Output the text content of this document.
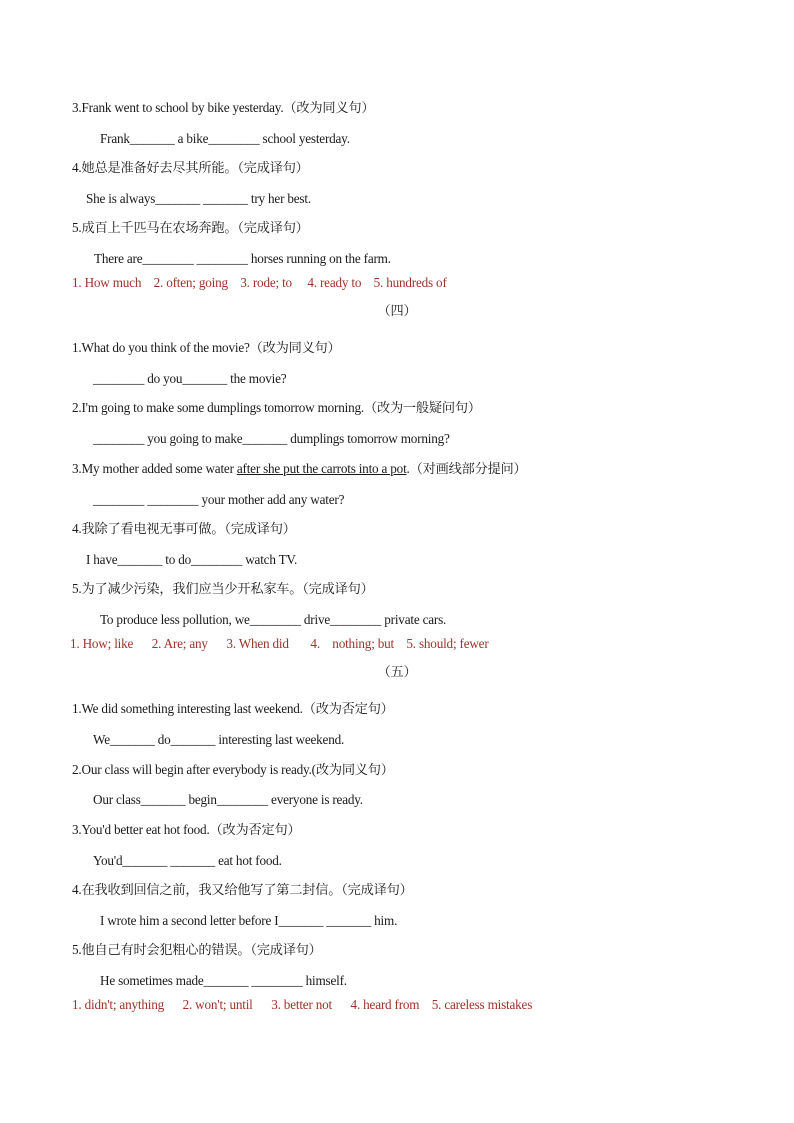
3.Frank went to school by bike yesterday.（改为同义句）
Frank_______ a bike________ school yesterday.
4.她总是准备好去尽其所能。（完成译句）
She is always_______ _______ try her best.
5.成百上千匹马在农场奔跑。（完成译句）
There are________ ________ horses running on the farm.
1. How much    2. often; going    3. rode; to     4. ready to    5. hundreds of
（四）
1.What do you think of the movie?（改为同义句）
________ do you_______ the movie?
2.I'm going to make some dumplings tomorrow morning.（改为一般疑问句）
________ you going to make_______ dumplings tomorrow morning?
3.My mother added some water after she put the carrots into a pot.（对画线部分提问）
________ ________ your mother add any water?
4.我除了看电视无事可做。（完成译句）
I have_______ to do________ watch TV.
5.为了减少污染，我们应当少开私家车。（完成译句）
To produce less pollution, we________ drive________ private cars.
1. How; like      2. Are; any      3. When did       4.    nothing; but    5. should; fewer
（五）
1.We did something interesting last weekend.（改为否定句）
We_______ do_______ interesting last weekend.
2.Our class will begin after everybody is ready.(改为同义句）
Our class_______ begin________ everyone is ready.
3.You'd better eat hot food.（改为否定句）
You'd_______ _______ eat hot food.
4.在我收到回信之前，我又给他写了第二封信。（完成译句）
I wrote him a second letter before I_______ _______ him.
5.他自己有时会犯粗心的错误。（完成译句）
He sometimes made_______ ________ himself.
1. didn't; anything      2. won't; until      3. better not      4. heard from    5. careless mistakes
